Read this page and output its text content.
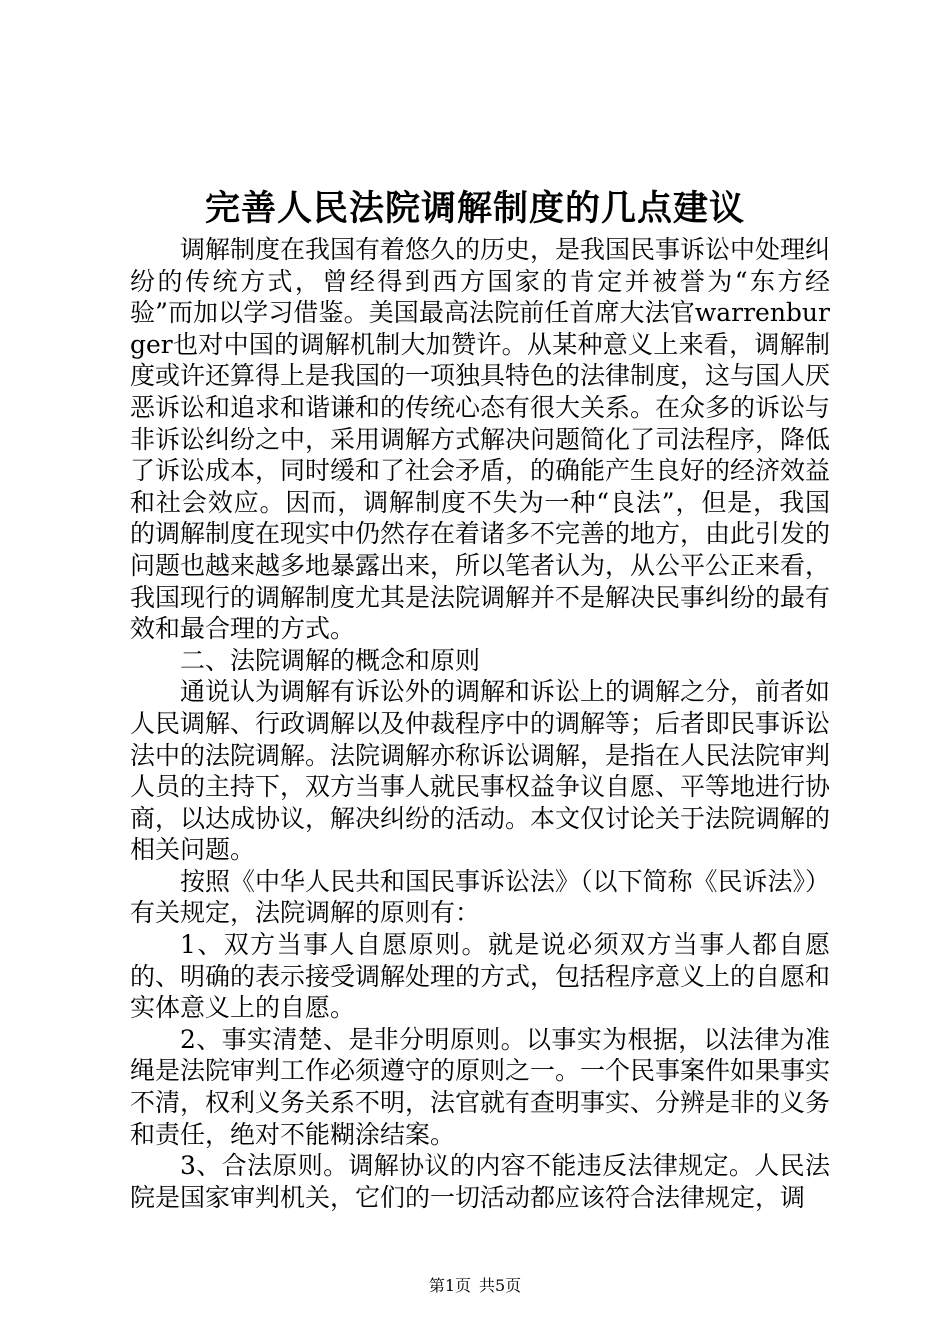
完善人民法院调解制度的几点建议

调解制度在我国有着悠久的历史，是我国民事诉讼中处理纠纷的传统方式，曾经得到西方国家的肯定并被誉为“东方经验”而加以学习借鉴。美国最高法院前任首席大法官warrenburger也对中国的调解机制大加赞许。从某种意义上来看，调解制度或许还算得上是我国的一项独具特色的法律制度，这与国人厌恶诉讼和追求和谐谦和的传统心态有很大关系。在众多的诉讼与非诉讼纠纷之中，采用调解方式解决问题简化了司法程序，降低了诉讼成本，同时缓和了社会矛盾，的确能产生良好的经济效益和社会效应。因而，调解制度不失为一种“良法”，但是，我国的调解制度在现实中仍然存在着诸多不完善的地方，由此引发的问题也越来越多地暴露出来，所以笔者认为，从公平公正来看，我国现行的调解制度尤其是法院调解并不是解决民事纠纷的最有效和最合理的方式。

二、法院调解的概念和原则

通说认为调解有诉讼外的调解和诉讼上的调解之分，前者如人民调解、行政调解以及仲裁程序中的调解等；后者即民事诉讼法中的法院调解。法院调解亦称诉讼调解，是指在人民法院审判人员的主持下，双方当事人就民事权益争议自愿、平等地进行协商，以达成协议，解决纠纷的活动。本文仅讨论关于法院调解的相关问题。

按照《中华人民共和国民事诉讼法》（以下简称《民诉法》）有关规定，法院调解的原则有：

1、双方当事人自愿原则。就是说必须双方当事人都自愿的、明确的表示接受调解处理的方式，包括程序意义上的自愿和实体意义上的自愿。

2、事实清楚、是非分明原则。以事实为根据，以法律为准绳是法院审判工作必须遵守的原则之一。一个民事案件如果事实不清，权利义务关系不明，法官就有查明事实、分辨是非的义务和责任，绝对不能糊涂结案。

3、合法原则。调解协议的内容不能违反法律规定。人民法院是国家审判机关，它们的一切活动都应该符合法律规定，调

第1页 共5页
